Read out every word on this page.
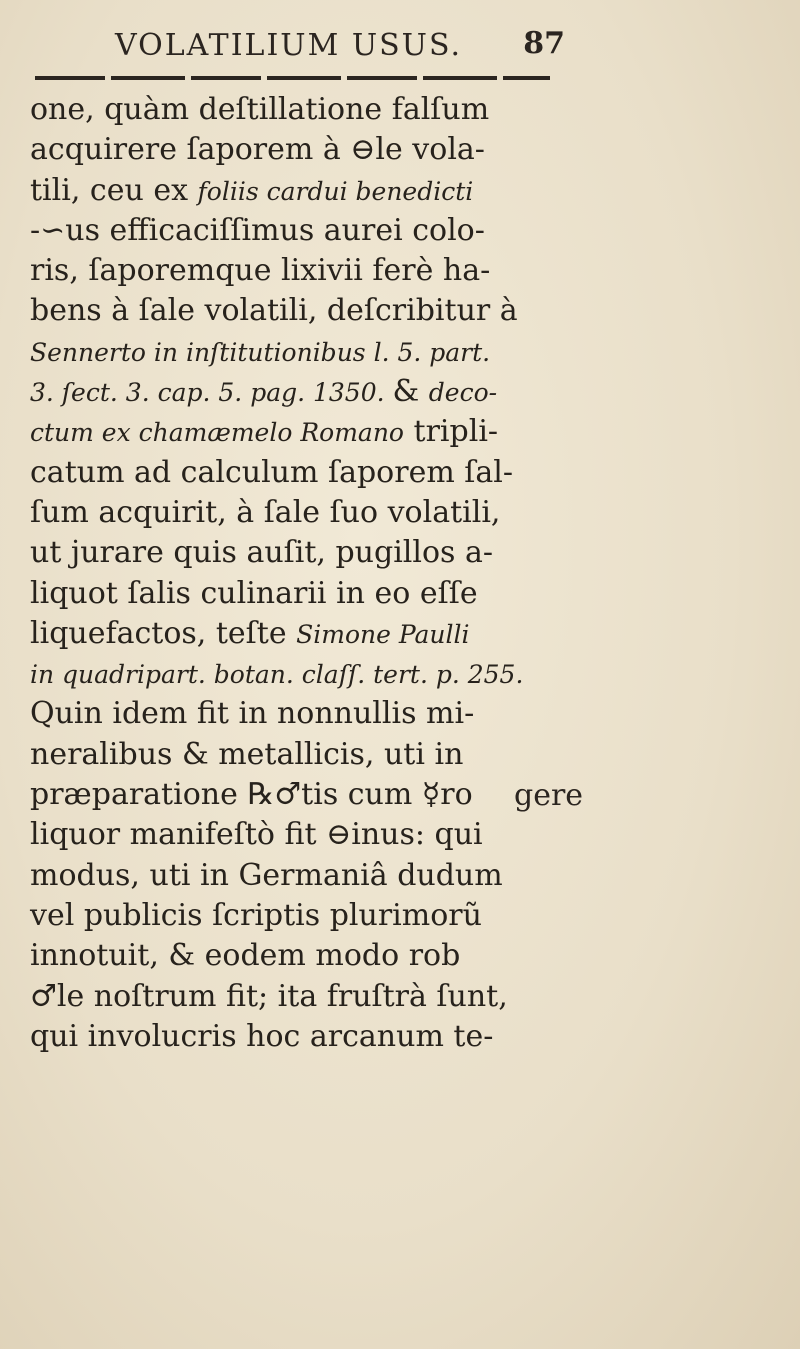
VOLATILIUM USUS. 87
one, quàm deſtillatione falſum
acquirere ſaporem à ⊖le vola-
tili, ceu ex foliis cardui benedicti
-∽us efficaciſſimus aurei colo-
ris, ſaporemque lixivii ferè ha-
bens à ſale volatili, deſcribitur à
Sennerto in inſtitutionibus l. 5. part.
3. ſect. 3. cap. 5. pag. 1350. & deco-
ctum ex chamæmelo Romano tripli-
catum ad calculum ſaporem ſal-
ſum acquirit, à ſale ſuo volatili,
ut jurare quis auſit, pugillos a-
liquot ſalis culinarii in eo eſſe
liquefactos, teſte Simone Paulli
in quadripart. botan. claſſ. tert. p. 255.
Quin idem fit in nonnullis mi-
neralibus & metallicis, uti in
præparatione ℞♂tis cum ☿ro
liquor manifeſtò fit ⊖inus: qui
modus, uti in Germaniâ dudum
vel publicis ſcriptis plurimorũ
innotuit, & eodem modo rob
♂le noſtrum fit; ita fruſtrà ſunt,
qui involucris hoc arcanum te-
gere
